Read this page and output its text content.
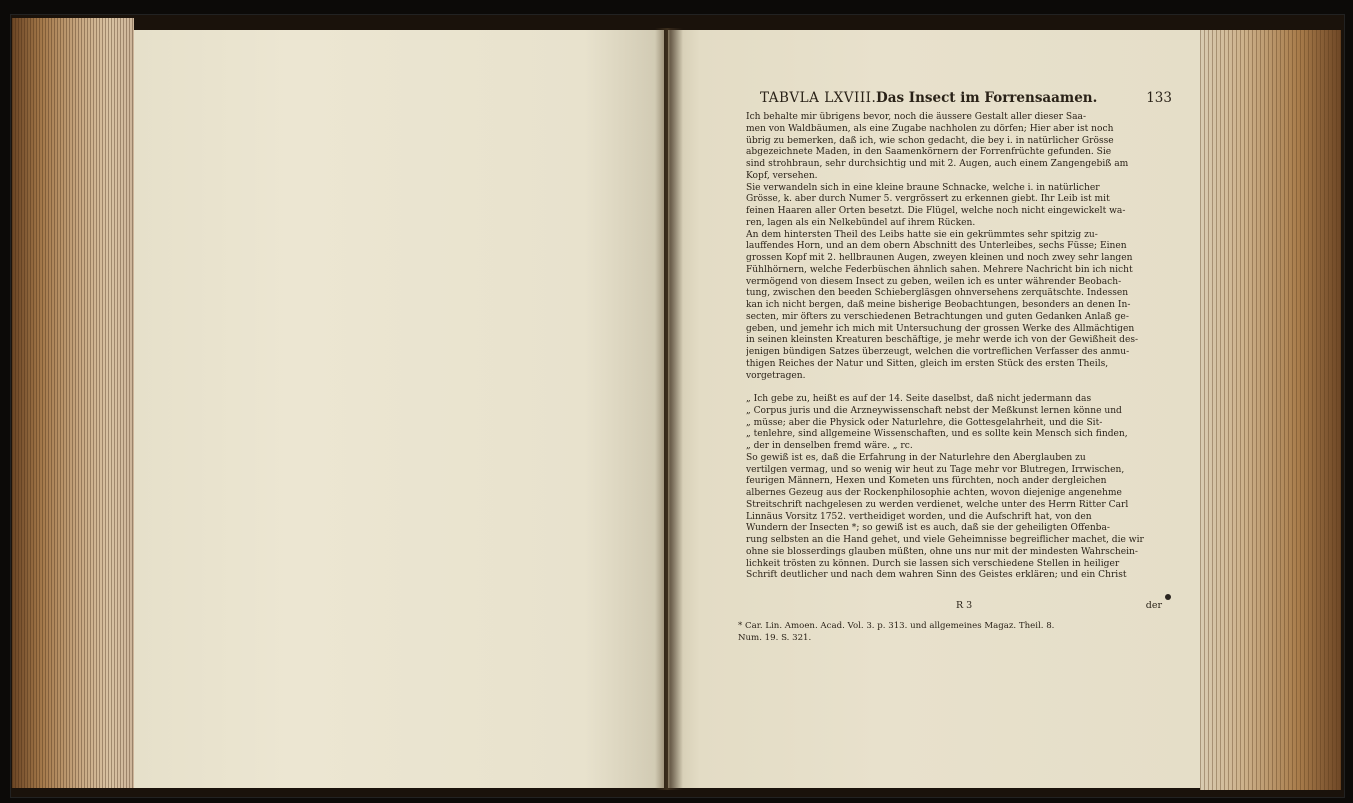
TABVLA LXVIII. Das Insect im Forrensaamen.	133
Ich behalte mir übrigens bevor, noch die äussere Gestalt aller dieser Saa-
men von Waldbäumen, als eine Zugabe nachholen zu dörfen; Hier aber ist noch
übrig zu bemerken, daß ich, wie schon gedacht, die bey i. in natürlicher Grösse
abgezeichnete Maden, in den Saamenkörnern der Forrenfrüchte gefunden. Sie
sind strohbraun, sehr durchsichtig und mit 2. Augen, auch einem Zangengebiß am
Kopf, versehen.
Sie verwandeln sich in eine kleine braune Schnacke, welche i. in natürlicher
Grösse, k. aber durch Numer 5. vergrössert zu erkennen giebt. Ihr Leib ist mit
feinen Haaren aller Orten besetzt. Die Flügel, welche noch nicht eingewickelt wa-
ren, lagen als ein Nelkebündel auf ihrem Rücken.
An dem hintersten Theil des Leibs hatte sie ein gekrümmtes sehr spitzig zu-
lauffendes Horn, und an dem obern Abschnitt des Unterleibes, sechs Füsse; Einen
grossen Kopf mit 2. hellbraunen Augen, zweyen kleinen und noch zwey sehr langen
Fühlhörnern, welche Federbüschen ähnlich sahen. Mehrere Nachricht bin ich nicht
vermögend von diesem Insect zu geben, weilen ich es unter währender Beobach-
tung, zwischen den beeden Schiebergläsgen ohnversehens zerquätschte. Indessen
kan ich nicht bergen, daß meine bisherige Beobachtungen, besonders an denen In-
secten, mir öfters zu verschiedenen Betrachtungen und guten Gedanken Anlaß ge-
geben, und jemehr ich mich mit Untersuchung der grossen Werke des Allmächtigen
in seinen kleinsten Kreaturen beschäftige, je mehr werde ich von der Gewißheit des-
jenigen bündigen Satzes überzeugt, welchen die vortreflichen Verfasser des anmu-
thigen Reiches der Natur und Sitten, gleich im ersten Stück des ersten Theils,
vorgetragen.
„ Ich gebe zu, heißt es auf der 14. Seite daselbst, daß nicht jedermann das
„ Corpus juris und die Arzneywissenschaft nebst der Meßkunst lernen könne und
„ müsse; aber die Physick oder Naturlehre, die Gottesgelahrheit, und die Sit-
„ tenlehre, sind allgemeine Wissenschaften, und es sollte kein Mensch sich finden,
„ der in denselben fremd wäre. „ rc.
So gewiß ist es, daß die Erfahrung in der Naturlehre den Aberglauben zu
vertilgen vermag, und so wenig wir heut zu Tage mehr vor Blutregen, Irrwischen,
feurigen Männern, Hexen und Kometen uns fürchten, noch ander dergleichen
albernes Gezeug aus der Rockenphilosophie achten, wovon diejenige angenehme
Streitschrift nachgelesen zu werden verdienet, welche unter des Herrn Ritter Carl
Linnäus Vorsitz 1752. vertheidiget worden, und die Aufschrift hat, von den
Wundern der Insecten *; so gewiß ist es auch, daß sie der geheiligten Offenba-
rung selbsten an die Hand gehet, und viele Geheimnisse begreiflicher machet, die wir
ohne sie blosserdings glauben müßten, ohne uns nur mit der mindesten Wahrschein-
lichkeit trösten zu können. Durch sie lassen sich verschiedene Stellen in heiliger
Schrift deutlicher und nach dem wahren Sinn des Geistes erklären; und ein Christ
R 3	der
* Car. Lin. Amoen. Acad. Vol. 3. p. 313. und allgemeines Magaz. Theil. 8.
Num. 19. S. 321.
